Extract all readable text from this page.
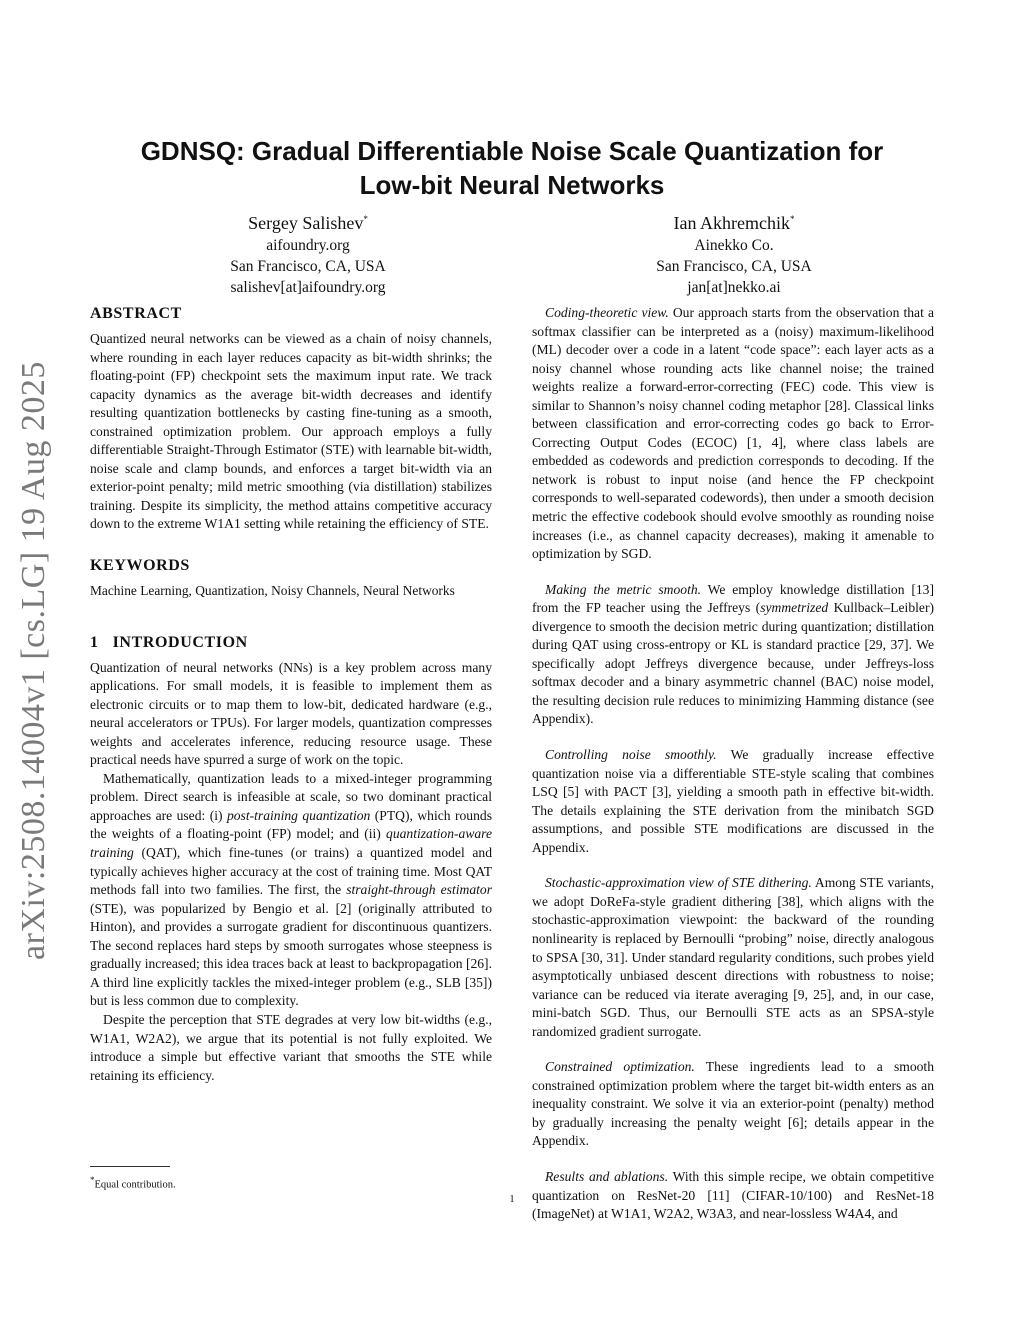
arXiv:2508.14004v1 [cs.LG] 19 Aug 2025
GDNSQ: Gradual Differentiable Noise Scale Quantization for
Low-bit Neural Networks
Sergey Salishev*
aifoundry.org
San Francisco, CA, USA
salishev[at]aifoundry.org
Ian Akhremchik*
Ainekko Co.
San Francisco, CA, USA
jan[at]nekko.ai
ABSTRACT

Quantized neural networks can be viewed as a chain of noisy channels, where rounding in each layer reduces capacity as bit-width shrinks; the floating-point (FP) checkpoint sets the maximum input rate. We track capacity dynamics as the average bit-width decreases and identify resulting quantization bottlenecks by casting fine-tuning as a smooth, constrained optimization problem. Our approach employs a fully differentiable Straight-Through Estimator (STE) with learnable bit-width, noise scale and clamp bounds, and enforces a target bit-width via an exterior-point penalty; mild metric smoothing (via distillation) stabilizes training. Despite its simplicity, the method attains competitive accuracy down to the extreme W1A1 setting while retaining the efficiency of STE.

KEYWORDS

Machine Learning, Quantization, Noisy Channels, Neural Networks

1 INTRODUCTION

Quantization of neural networks (NNs) is a key problem across many applications. For small models, it is feasible to implement them as electronic circuits or to map them to low-bit, dedicated hardware (e.g., neural accelerators or TPUs). For larger models, quantization compresses weights and accelerates inference, reducing resource usage. These practical needs have spurred a surge of work on the topic.

Mathematically, quantization leads to a mixed-integer programming problem. Direct search is infeasible at scale, so two dominant practical approaches are used: (i) post-training quantization (PTQ), which rounds the weights of a floating-point (FP) model; and (ii) quantization-aware training (QAT), which fine-tunes (or trains) a quantized model and typically achieves higher accuracy at the cost of training time. Most QAT methods fall into two families. The first, the straight-through estimator (STE), was popularized by Bengio et al. [2] (originally attributed to Hinton), and provides a surrogate gradient for discontinuous quantizers. The second replaces hard steps by smooth surrogates whose steepness is gradually increased; this idea traces back at least to backpropagation [26]. A third line explicitly tackles the mixed-integer problem (e.g., SLB [35]) but is less common due to complexity.

Despite the perception that STE degrades at very low bit-widths (e.g., W1A1, W2A2), we argue that its potential is not fully exploited. We introduce a simple but effective variant that smooths the STE while retaining its efficiency.

Coding-theoretic view. Our approach starts from the observation that a softmax classifier can be interpreted as a (noisy) maximum-likelihood (ML) decoder over a code in a latent “code space”: each layer acts as a noisy channel whose rounding acts like channel noise; the trained weights realize a forward-error-correcting (FEC) code. This view is similar to Shannon’s noisy channel coding metaphor [28]. Classical links between classification and error-correcting codes go back to Error-Correcting Output Codes (ECOC) [1, 4], where class labels are embedded as codewords and prediction corresponds to decoding. If the network is robust to input noise (and hence the FP checkpoint corresponds to well-separated codewords), then under a smooth decision metric the effective codebook should evolve smoothly as rounding noise increases (i.e., as channel capacity decreases), making it amenable to optimization by SGD.

Making the metric smooth. We employ knowledge distillation [13] from the FP teacher using the Jeffreys (symmetrized Kullback–Leibler) divergence to smooth the decision metric during quantization; distillation during QAT using cross-entropy or KL is standard practice [29, 37]. We specifically adopt Jeffreys divergence because, under Jeffreys-loss softmax decoder and a binary asymmetric channel (BAC) noise model, the resulting decision rule reduces to minimizing Hamming distance (see Appendix).

Controlling noise smoothly. We gradually increase effective quantization noise via a differentiable STE-style scaling that combines LSQ [5] with PACT [3], yielding a smooth path in effective bit-width. The details explaining the STE derivation from the minibatch SGD assumptions, and possible STE modifications are discussed in the Appendix.

Stochastic-approximation view of STE dithering. Among STE variants, we adopt DoReFa-style gradient dithering [38], which aligns with the stochastic-approximation viewpoint: the backward of the rounding nonlinearity is replaced by Bernoulli “probing” noise, directly analogous to SPSA [30, 31]. Under standard regularity conditions, such probes yield asymptotically unbiased descent directions with robustness to noise; variance can be reduced via iterate averaging [9, 25], and, in our case, mini-batch SGD. Thus, our Bernoulli STE acts as an SPSA-style randomized gradient surrogate.

Constrained optimization. These ingredients lead to a smooth constrained optimization problem where the target bit-width enters as an inequality constraint. We solve it via an exterior-point (penalty) method by gradually increasing the penalty weight [6]; details appear in the Appendix.

Results and ablations. With this simple recipe, we obtain competitive quantization on ResNet-20 [11] (CIFAR-10/100) and ResNet-18 (ImageNet) at W1A1, W2A2, W3A3, and near-lossless W4A4, and

*Equal contribution.
1
